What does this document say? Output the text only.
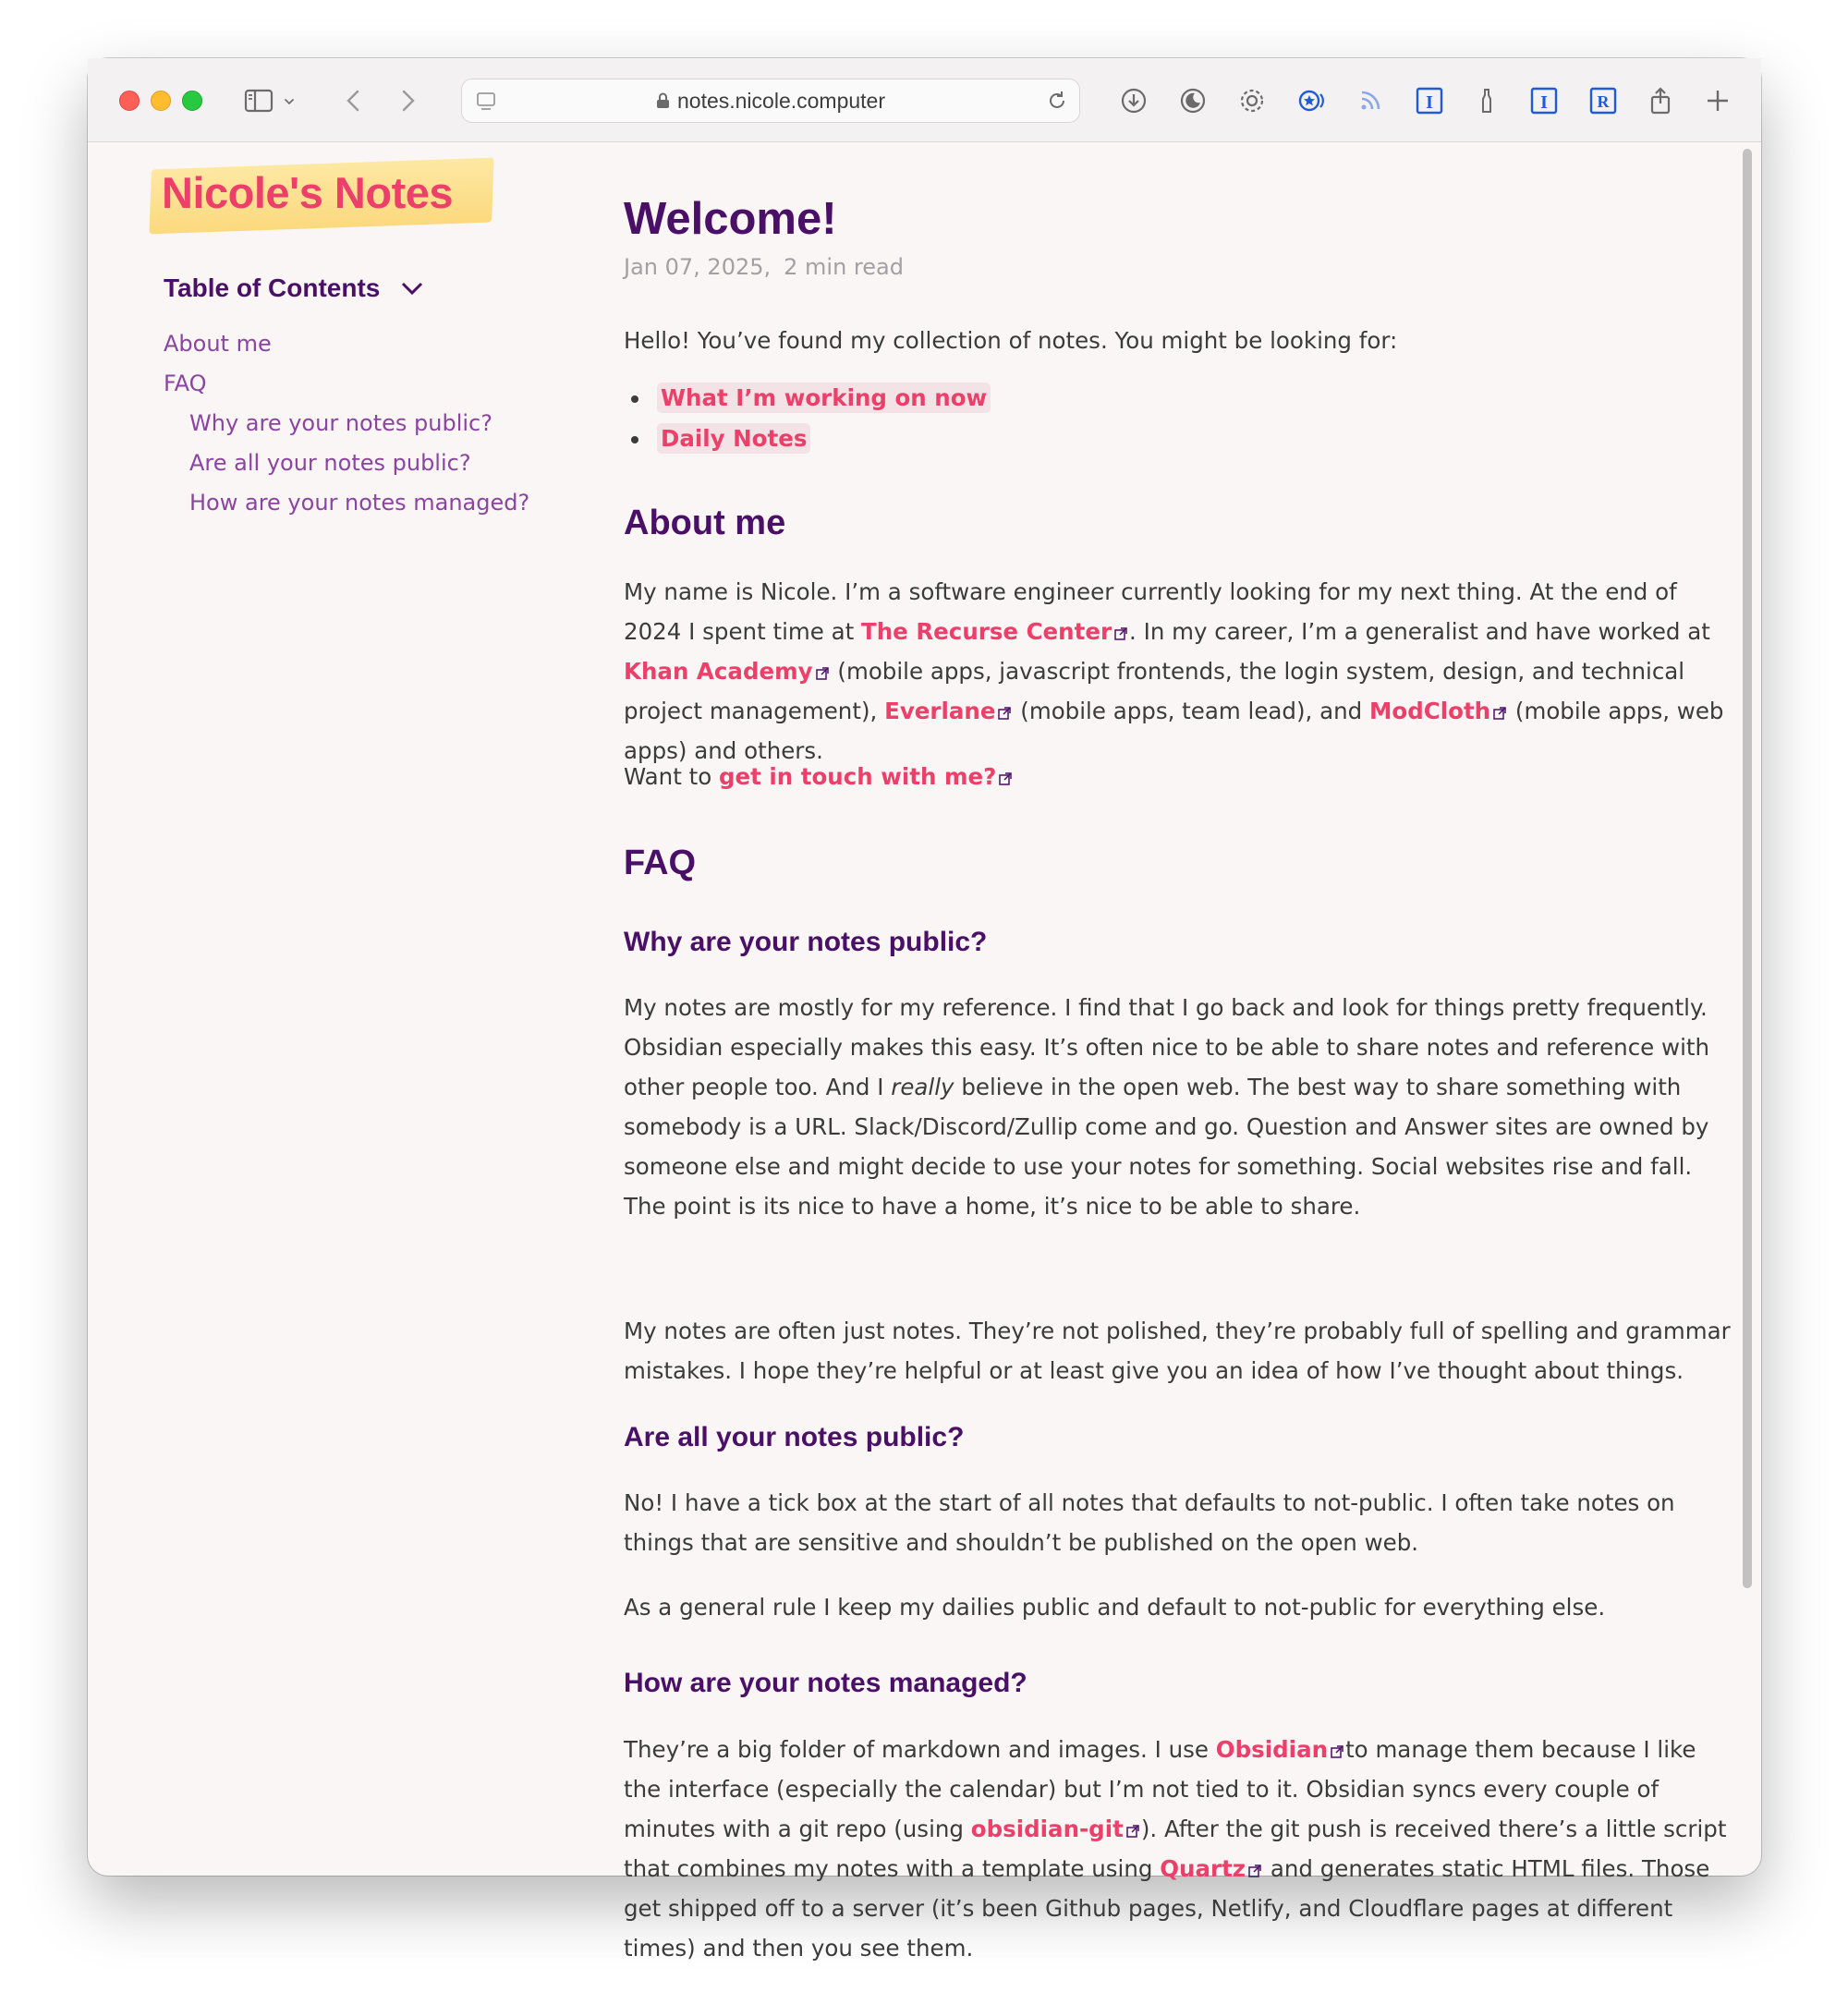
notes.nicole.computer	I	I	R
Nicole's Notes
Table of Contents
About me
FAQ
Why are your notes public?
Are all your notes public?
How are your notes managed?
Welcome!
Jan 07, 2025, 2 min read

Hello! You’ve found my collection of notes. You might be looking for:

What I’m working on now
Daily Notes
About me

My name is Nicole. I’m a software engineer currently looking for my next thing. At the end of 2024 I spent time at The Recurse Center . In my career, I’m a generalist and have worked at Khan Academy (mobile apps, javascript frontends, the login system, design, and technical project management), Everlane (mobile apps, team lead), and ModCloth (mobile apps, web apps) and others.

Want to get in touch with me?

FAQ
Why are your notes public?

My notes are mostly for my reference. I find that I go back and look for things pretty frequently. Obsidian especially makes this easy. It’s often nice to be able to share notes and reference with other people too. And I really believe in the open web. The best way to share something with somebody is a URL. Slack/Discord/Zullip come and go. Question and Answer sites are owned by someone else and might decide to use your notes for something. Social websites rise and fall. The point is its nice to have a home, it’s nice to be able to share.

My notes are often just notes. They’re not polished, they’re probably full of spelling and grammar mistakes. I hope they’re helpful or at least give you an idea of how I’ve thought about things.

Are all your notes public?

No! I have a tick box at the start of all notes that defaults to not-public. I often take notes on things that are sensitive and shouldn’t be published on the open web.

As a general rule I keep my dailies public and default to not-public for everything else.

How are your notes managed?

They’re a big folder of markdown and images. I use Obsidian to manage them because I like the interface (especially the calendar) but I’m not tied to it. Obsidian syncs every couple of minutes with a git repo (using obsidian-git ). After the git push is received there’s a little script that combines my notes with a template using Quartz and generates static HTML files. Those get shipped off to a server (it’s been Github pages, Netlify, and Cloudflare pages at different times) and then you see them.
